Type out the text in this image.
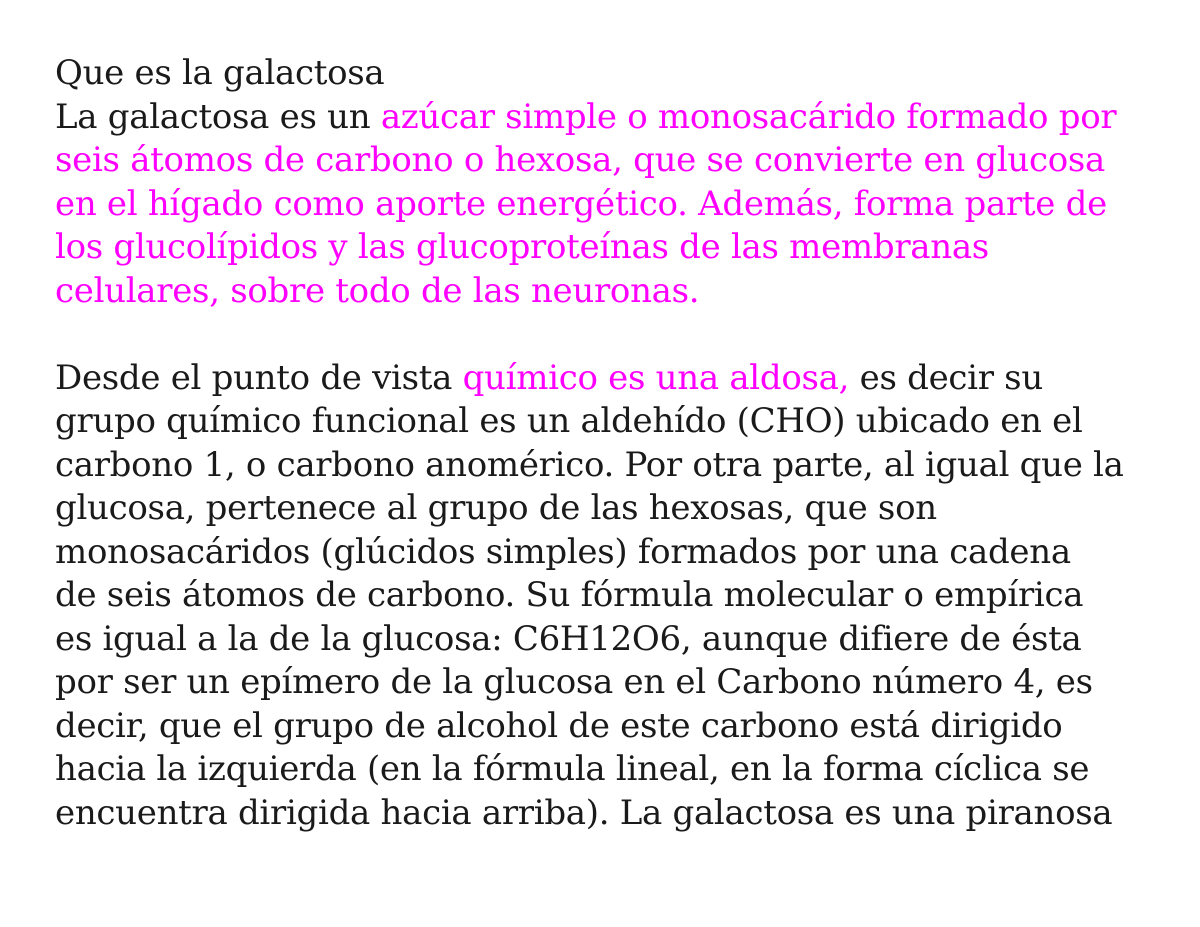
Que es la galactosa
La galactosa es un azúcar simple o monosacárido formado por
seis átomos de carbono o hexosa, que se convierte en glucosa
en el hígado como aporte energético. Además, forma parte de
los glucolípidos y las glucoproteínas de las membranas
celulares, sobre todo de las neuronas.
Desde el punto de vista químico es una aldosa, es decir su
grupo químico funcional es un aldehído (CHO) ubicado en el
carbono 1, o carbono anomérico. Por otra parte, al igual que la
glucosa, pertenece al grupo de las hexosas, que son
monosacáridos (glúcidos simples) formados por una cadena
de seis átomos de carbono. Su fórmula molecular o empírica
es igual a la de la glucosa: C6H12O6, aunque difiere de ésta
por ser un epímero de la glucosa en el Carbono número 4, es
decir, que el grupo de alcohol de este carbono está dirigido
hacia la izquierda (en la fórmula lineal, en la forma cíclica se
encuentra dirigida hacia arriba). La galactosa es una piranosa
